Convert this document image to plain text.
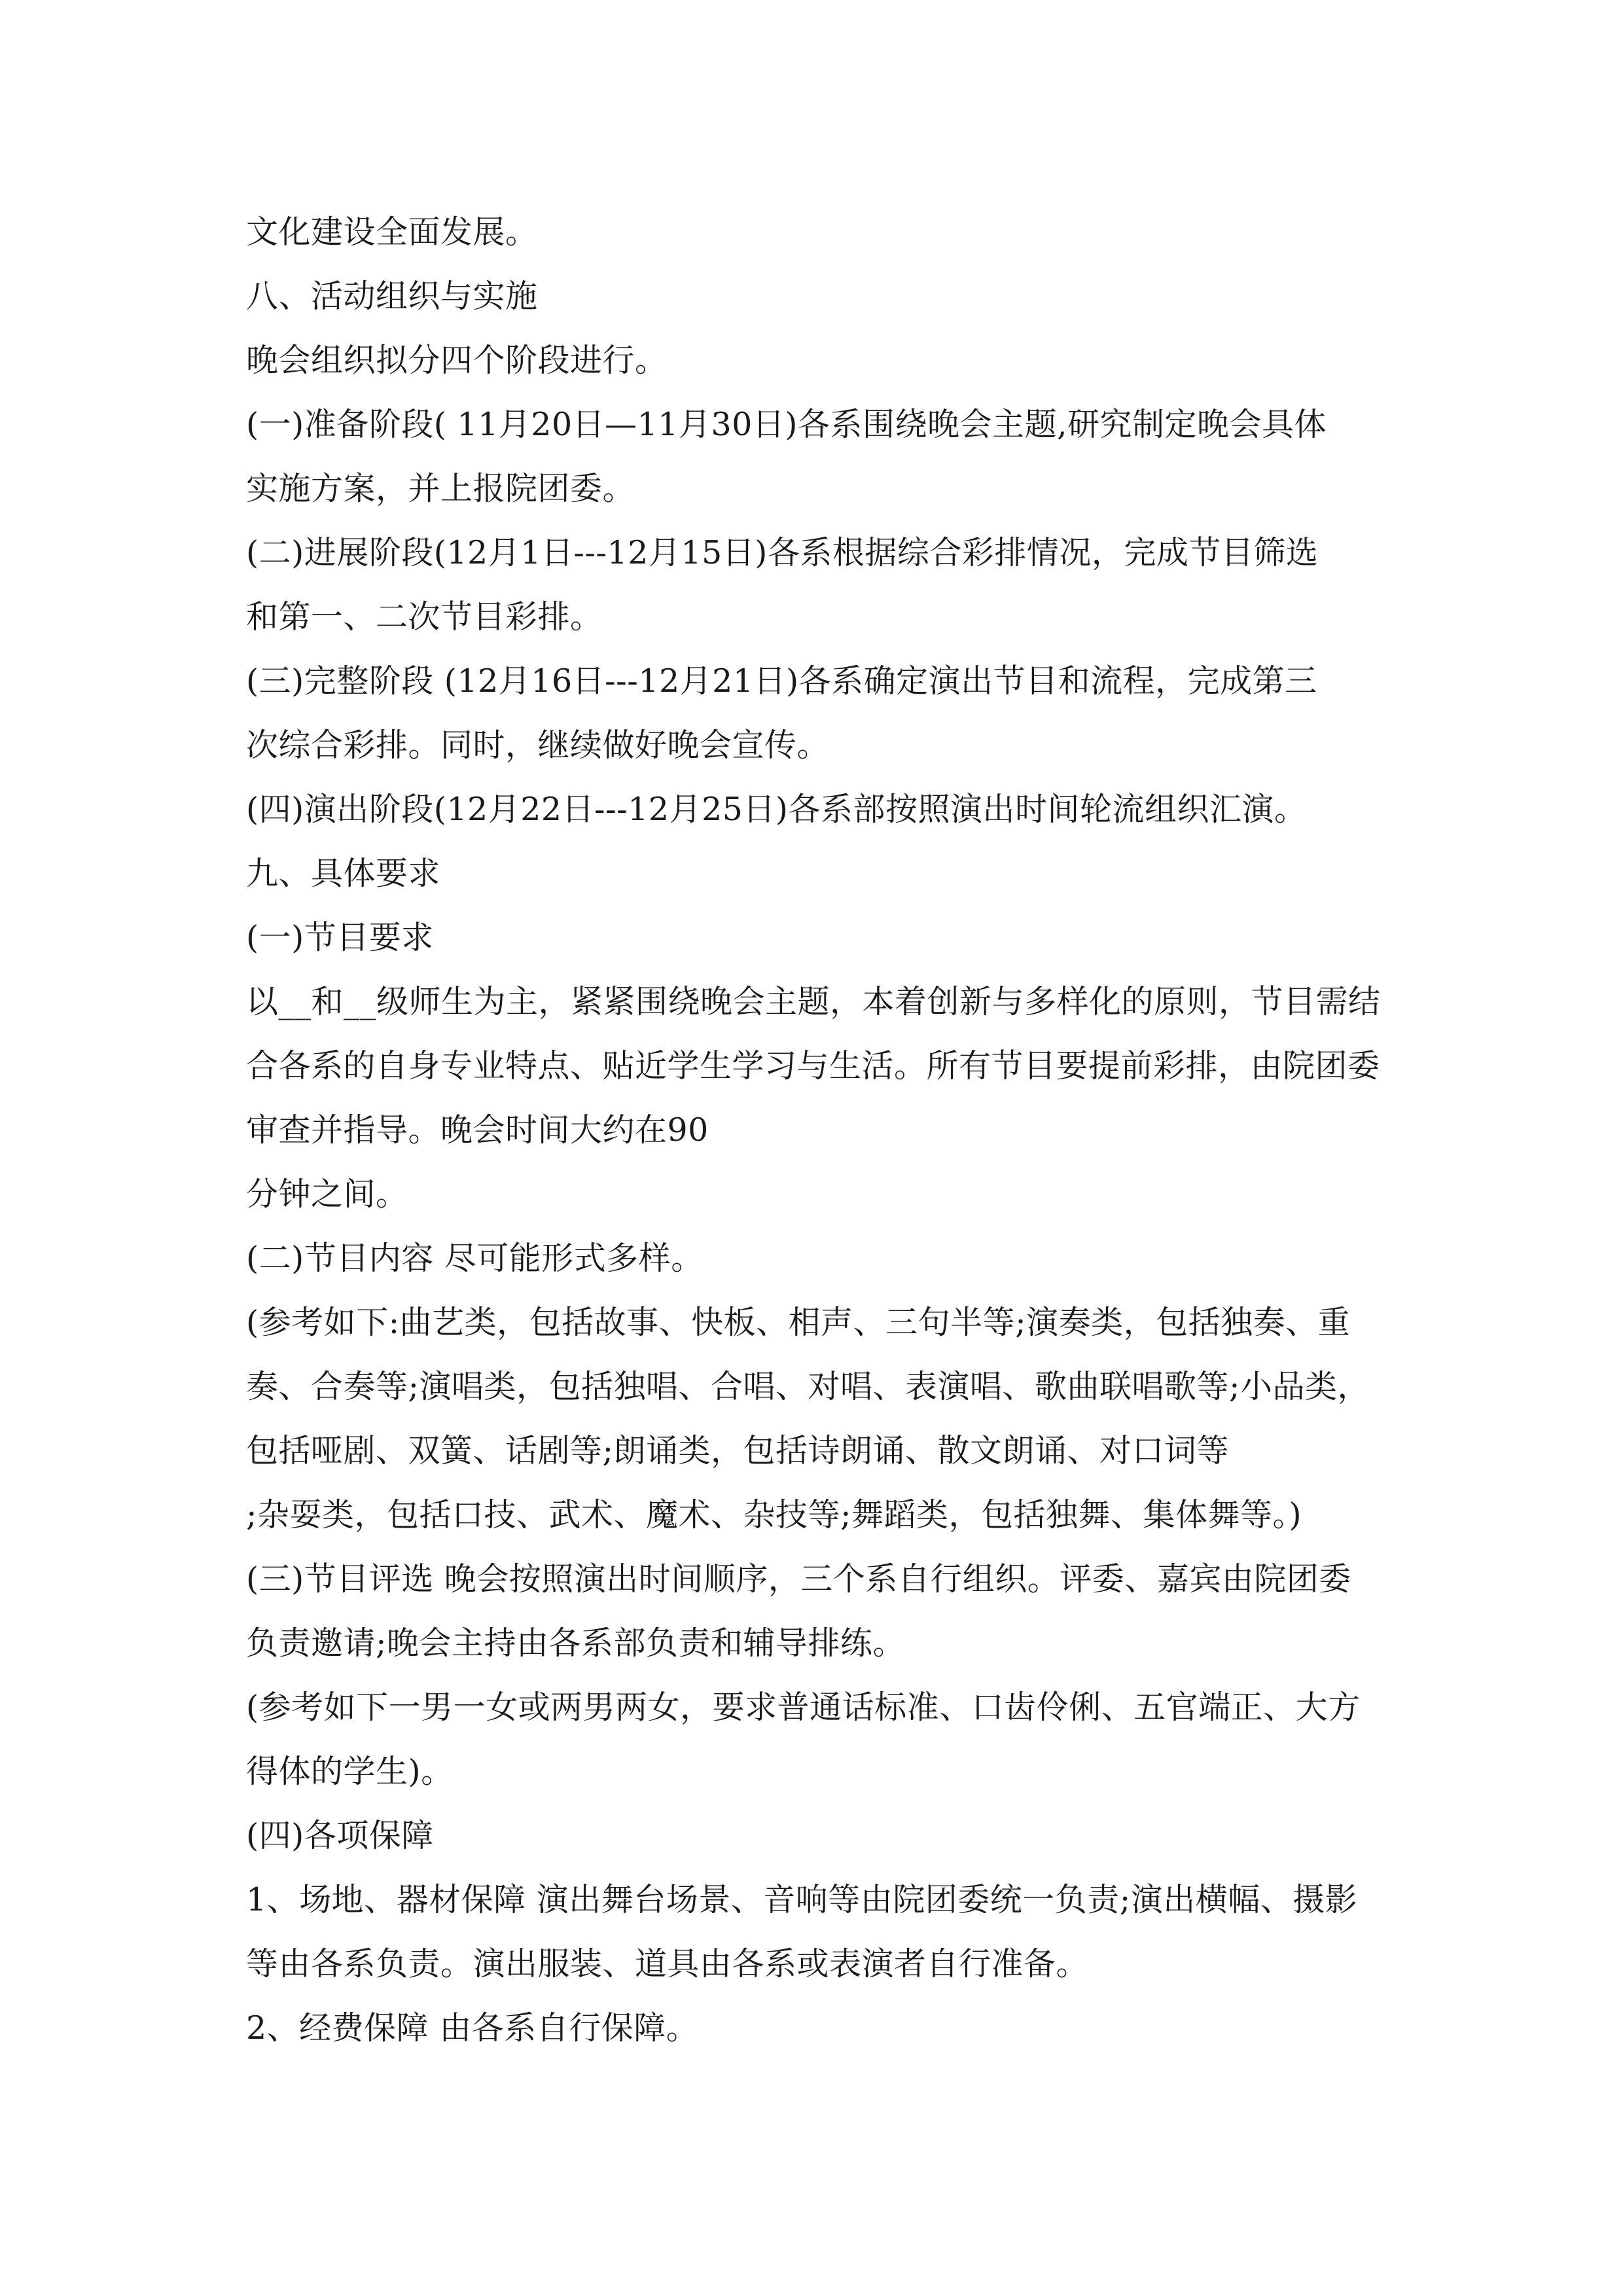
文化建设全面发展。
八、活动组织与实施
晚会组织拟分四个阶段进行。
(一)准备阶段( 11月20日—11月30日)各系围绕晚会主题,研究制定晚会具体
实施方案，并上报院团委。
(二)进展阶段(12月1日---12月15日)各系根据综合彩排情况，完成节目筛选
和第一、二次节目彩排。
(三)完整阶段 (12月16日---12月21日)各系确定演出节目和流程，完成第三
次综合彩排。同时，继续做好晚会宣传。
(四)演出阶段(12月22日---12月25日)各系部按照演出时间轮流组织汇演。
九、具体要求
(一)节目要求
以__和__级师生为主，紧紧围绕晚会主题，本着创新与多样化的原则，节目需结
合各系的自身专业特点、贴近学生学习与生活。所有节目要提前彩排，由院团委
审查并指导。晚会时间大约在90
分钟之间。
(二)节目内容 尽可能形式多样。
(参考如下:曲艺类，包括故事、快板、相声、三句半等;演奏类，包括独奏、重
奏、合奏等;演唱类，包括独唱、合唱、对唱、表演唱、歌曲联唱歌等;小品类，
包括哑剧、双簧、话剧等;朗诵类，包括诗朗诵、散文朗诵、对口词等
;杂耍类，包括口技、武术、魔术、杂技等;舞蹈类，包括独舞、集体舞等。)
(三)节目评选 晚会按照演出时间顺序，三个系自行组织。评委、嘉宾由院团委
负责邀请;晚会主持由各系部负责和辅导排练。
(参考如下一男一女或两男两女，要求普通话标准、口齿伶俐、五官端正、大方
得体的学生)。
(四)各项保障
1、场地、器材保障 演出舞台场景、音响等由院团委统一负责;演出横幅、摄影
等由各系负责。演出服装、道具由各系或表演者自行准备。
2、经费保障 由各系自行保障。
